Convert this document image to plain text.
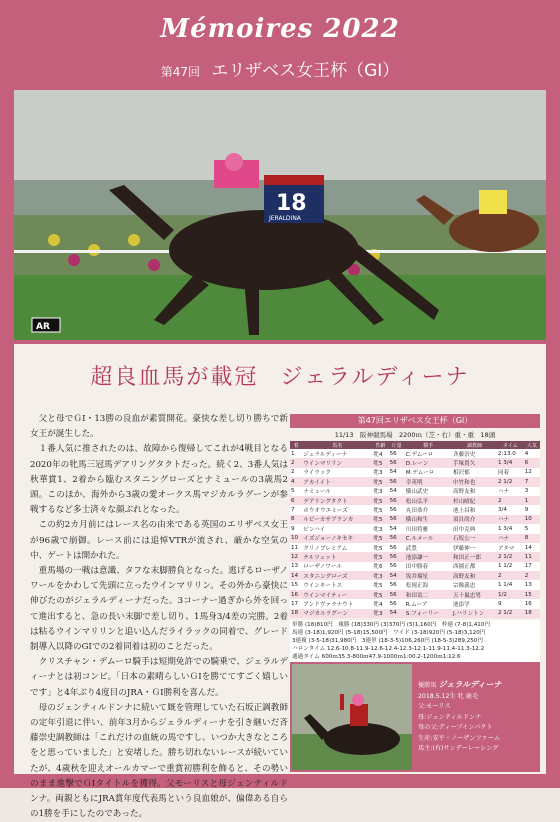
Mémoires 2022
第47回 エリザベス女王杯（GⅠ）
18
JERALDINA
AR
超良血馬が載冠 ジェラルディーナ

父と母でＧⅠ・13勝の良血が素質開花。豪快な差し切り勝ちで新女王が誕生した。

１番人気に推されたのは、故障から復帰してこれが4戦目となる2020年の牝馬三冠馬デアリングタクトだった。続く2、3番人気は秋華賞1、2着から臨むスタニングローズとナミュールの3歳馬2頭。このほか、海外から3歳の愛オークス馬マジカルラグーンが参戦するなど多士済々な顔ぶれとなった。

この約2カ月前にはレース名の由来である英国のエリザベス女王が96歳で崩御。レース前には追悼VTRが流され、厳かな空気の中、ゲートは開かれた。

重馬場の一戦は意識、タフな末脚勝負となった。逃げるローザノワールをかわして先頭に立ったウインマリリン。その外から豪快に伸びたのがジェラルディーナだった。3コーナー過ぎから外を回って進出すると、急の長い末脚で差し切り、1馬身3/4差の完勝。2着は粘るウインマリリンと追い込んだライラックの同着で、グレード制導入以降のGⅠでの2着同着は初のことだった。

クリスチャン・デムーロ騎手は短期免許での騎乗で、ジェラルディーナとは初コンビ。「日本の素晴らしいＧⅠを勝ててすごく嬉しいです」と4年ぶり4度目のJRA・ＧⅠ勝利を喜んだ。

母のジェンティルドンナに続いて厩を管理していた石坂正調教師の定年引退に伴い、前年3月からジェラルディーナを引き継いだ斉藤崇史調教師は「これだけの血統の馬ですし、いつか大きなところをと思っていました」と安堵した。勝ち切れないレースが続いていたが、4歳秋を迎えオールカマーで重賞初勝利を飾ると、その勢いのまま進撃でＧⅠタイトルを獲得。父モーリスと母ジェンティルドンナ。両親ともにJRA賞年度代表馬という良血娘が、偏偉ある自らの1勝を手にしたのであった。

第47回エリザベス女王杯（GⅠ）
11/13　阪神競馬場　2200ｍ（芝・右）重・重　18頭
着	馬名	性齢	斤量	騎手	調教師	タイム	人気
1	ジェラルディーナ	牝4	56	C.デムーロ	斉藤崇史	2:13.0	4
2	ウインマリリン	牝5	56	D.レーン	手塚貴久	1 3/4	6
2	ライラック	牝3	54	M.デムーロ	相沢郁	同着	12
4	アカイイト	牝5	56	幸英明	中竹和也	2 1/2	7
5	ナミュール	牝3	54	横山武史	高野友和	ハナ	3
6	デアリングタクト	牝5	56	松山弘平	杉山晴紀	2	1
7	ホウオウエミーズ	牝5	56	丸田恭介	池上昌和	3/4	9
8	ルビーカサブランカ	牝5	56	横山和生	須貝尚介	ハナ	10
9	ピンハイ	牝3	54	川田将雅	田中克典	1 3/4	5
10	イズジョーノキセキ	牝5	56	C.ルメール	石坂公一	ハナ	8
11	クリノプレミアム	牝5	56	武豊	伊藤伸一	アタマ	14
12	テルツェット	牝5	56	池添謙一	和田正一郎	2 1/2	11
13	ローザノワール	牝6	56	田中勝春	西園正都	1 1/2	17
14	スタニングローズ	牝3	54	坂井瑠星	高野友和	2	2
15	ウインキートス	牝5	56	松岡正海	宗像義忠	1 1/4	13
16	ウインマイティー	牝5	56	和田竜二	五十嵐忠男	1/2	15
17	アンドヴァラナウト	牝4	56	R.ムーア	池添学	9	16
18	マジカルラグーン	牝3	54	S.フォーリー	J.ハリントン	2 1/2	18
単勝 (18)810円　複勝 (18)330円 (3)370円 (5)1,160円　枠連 (7-8)1,410円
馬連 (3-18)1,920円 (5-18)15,500円　ワイド (3-18)920円 (5-18)3,120円
3連複 (3-5-18)31,980円　3連単 (18-3-5)106,260円 (18-5-3)289,250円
ハロンタイム 12.6-10.8-11.9-12.6-12.4-12.3-12.1-11.9-11.4-11.3-12.2
通過タイム 600ｍ35.3-800ｍ47.9-1000ｍ1:00.2-1200ｍ1:12.6
優勝馬 ジェラルディーナ
2018.5.12生 牝 鹿毛
父:モーリス
母:ジェンティルドンナ
母の父:ディープインパクト
生産:安平・ノーザンファーム
馬主:(有)サンデーレーシング
